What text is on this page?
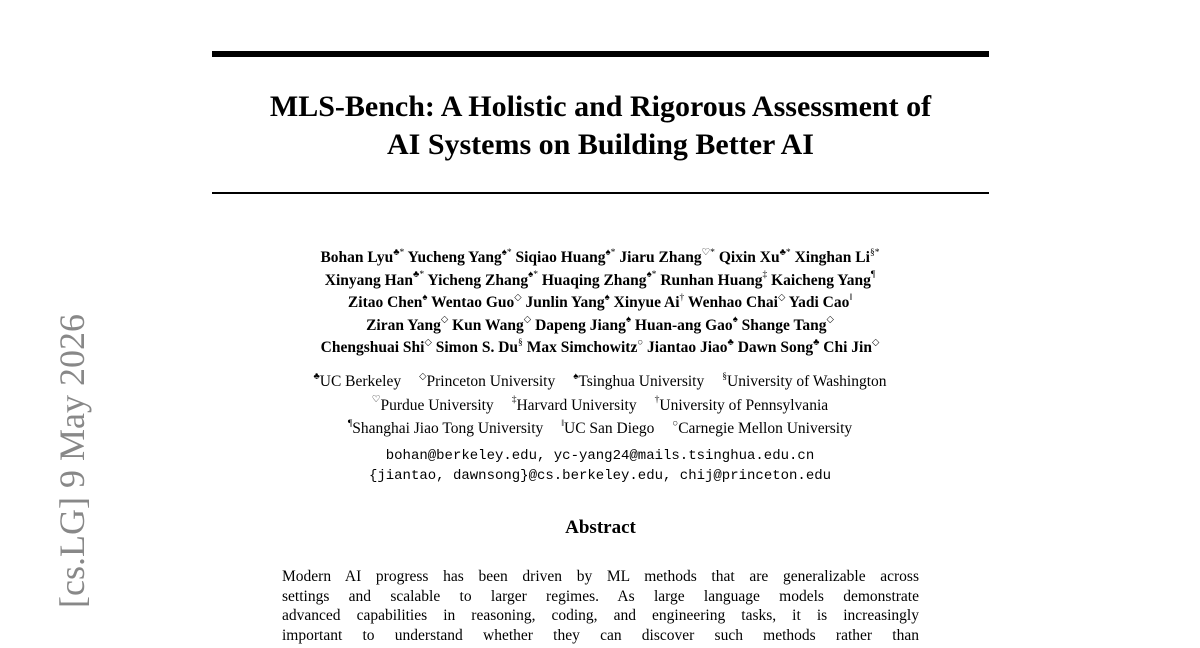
[cs.LG] 9 May 2026
MLS-Bench: A Holistic and Rigorous Assessment of
AI Systems on Building Better AI
Bohan Lyu♣* Yucheng Yang♠* Siqiao Huang♠* Jiaru Zhang♡* Qixin Xu♣* Xinghan Li§*
Xinyang Han♣* Yicheng Zhang♠* Huaqing Zhang♠* Runhan Huang‡ Kaicheng Yang¶
Zitao Chen♠ Wentao Guo◇ Junlin Yang♠ Xinyue Ai† Wenhao Chai◇ Yadi Cao‖
Ziran Yang◇ Kun Wang◇ Dapeng Jiang♠ Huan-ang Gao♠ Shange Tang◇
Chengshuai Shi◇ Simon S. Du§ Max Simchowitz○ Jiantao Jiao♣ Dawn Song♣ Chi Jin◇
♣UC Berkeley ◇Princeton University ♠Tsinghua University §University of Washington
♡Purdue University ‡Harvard University †University of Pennsylvania
¶Shanghai Jiao Tong University ‖UC San Diego ○Carnegie Mellon University
bohan@berkeley.edu, yc-yang24@mails.tsinghua.edu.cn
{jiantao, dawnsong}@cs.berkeley.edu, chij@princeton.edu
Abstract
Modern AI progress has been driven by ML methods that are generalizable across
settings and scalable to larger regimes. As large language models demonstrate
advanced capabilities in reasoning, coding, and engineering tasks, it is increasingly
important to understand whether they can discover such methods rather than
